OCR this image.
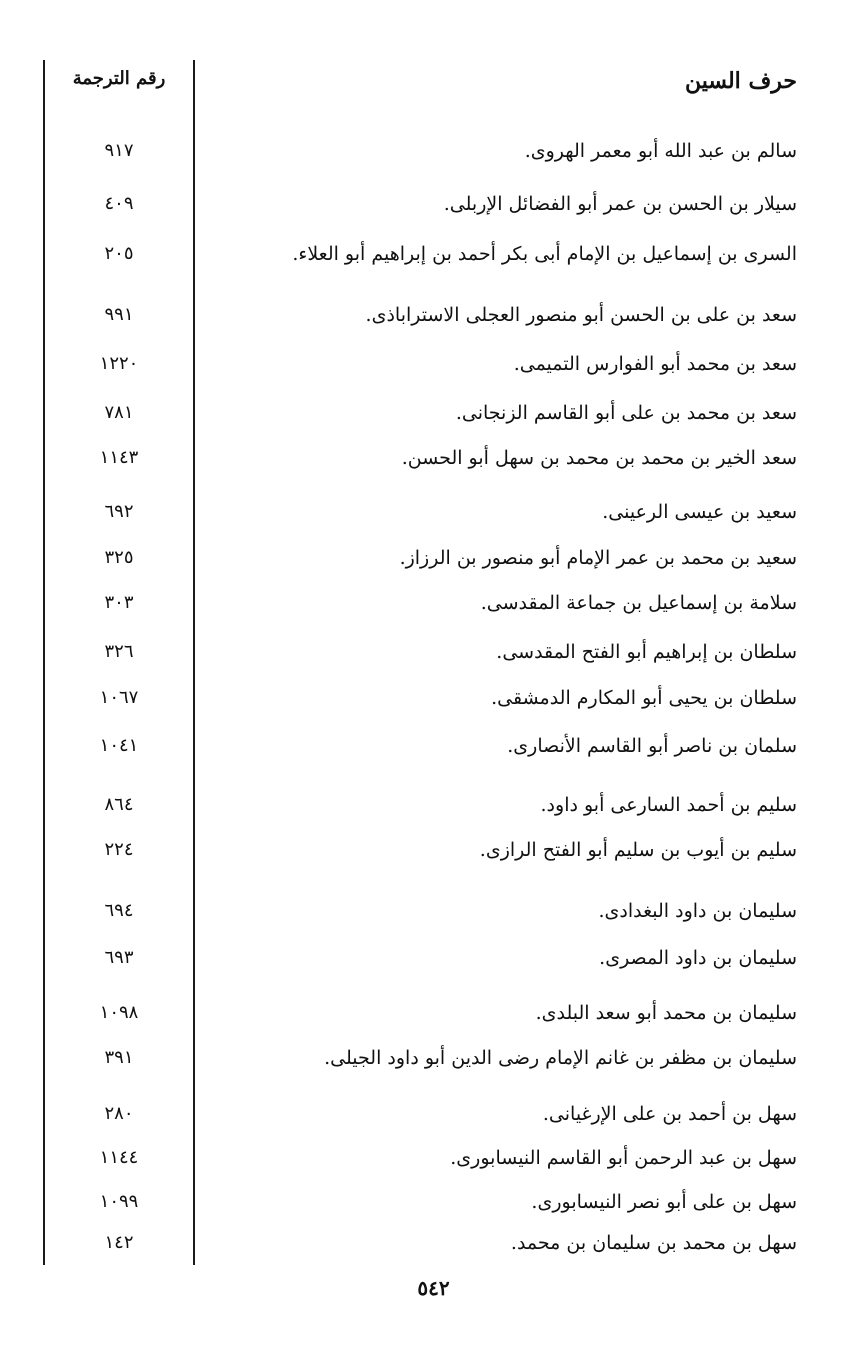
حرف السين
رقم الترجمة
سالم بن عبد الله أبو معمر الهروى.
٩١٧
سيلار بن الحسن بن عمر أبو الفضائل الإربلى.
٤٠٩
السرى بن إسماعيل بن الإمام أبى بكر أحمد بن إبراهيم أبو العلاء.
٢٠٥
سعد بن على بن الحسن أبو منصور العجلى الاستراباذى.
٩٩١
سعد بن محمد أبو الفوارس التميمى.
١٢٢٠
سعد بن محمد بن على أبو القاسم الزنجانى.
٧٨١
سعد الخير بن محمد بن محمد بن سهل أبو الحسن.
١١٤٣
سعيد بن عيسى الرعينى.
٦٩٢
سعيد بن محمد بن عمر الإمام أبو منصور بن الرزاز.
٣٢٥
سلامة بن إسماعيل بن جماعة المقدسى.
٣٠٣
سلطان بن إبراهيم أبو الفتح المقدسى.
٣٢٦
سلطان بن يحيى أبو المكارم الدمشقى.
١٠٦٧
سلمان بن ناصر أبو القاسم الأنصارى.
١٠٤١
سليم بن أحمد السارعى أبو داود.
٨٦٤
سليم بن أيوب بن سليم أبو الفتح الرازى.
٢٢٤
سليمان بن داود البغدادى.
٦٩٤
سليمان بن داود المصرى.
٦٩٣
سليمان بن محمد أبو سعد البلدى.
١٠٩٨
سليمان بن مظفر بن غانم الإمام رضى الدين أبو داود الجيلى.
٣٩١
سهل بن أحمد بن على الإرغيانى.
٢٨٠
سهل بن عبد الرحمن أبو القاسم النيسابورى.
١١٤٤
سهل بن على أبو نصر النيسابورى.
١٠٩٩
سهل بن محمد بن سليمان بن محمد.
١٤٢
٥٤٢
